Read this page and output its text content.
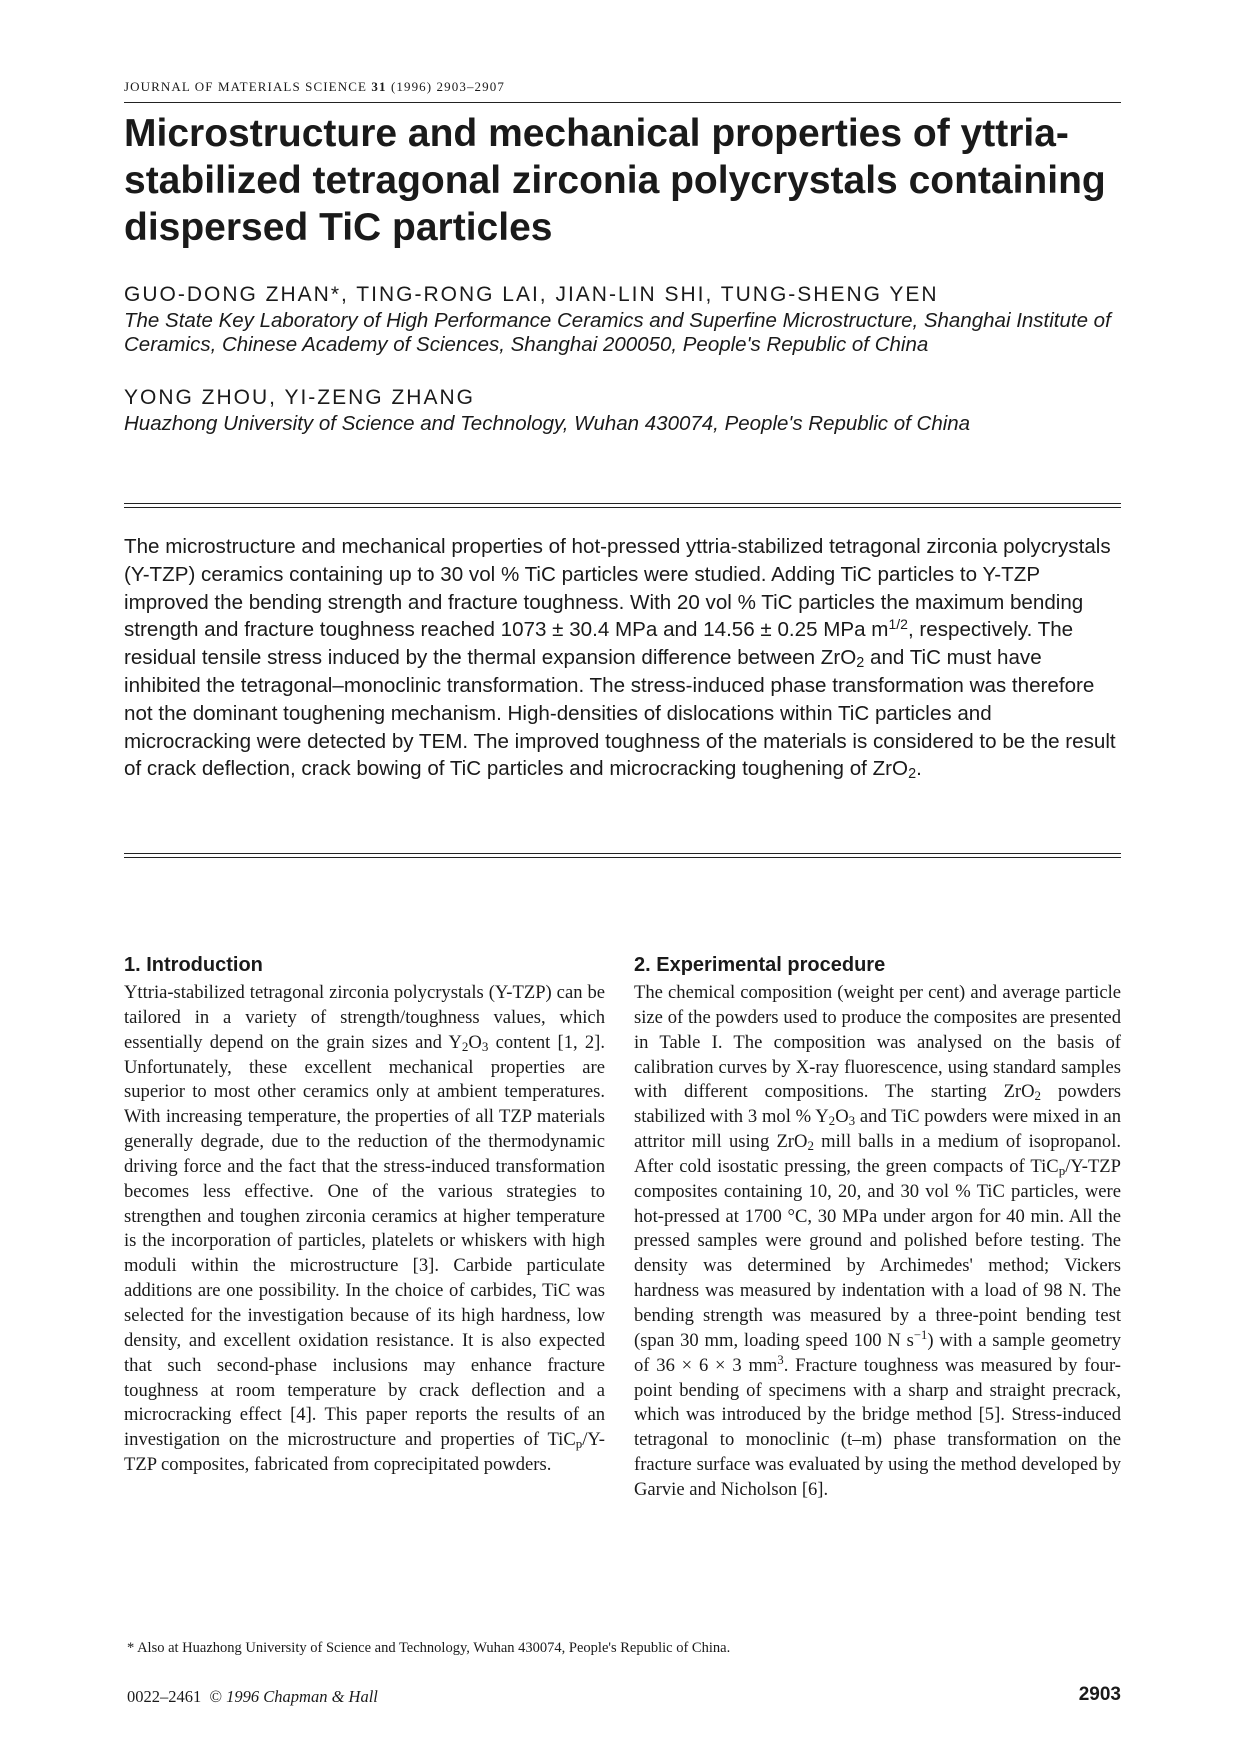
JOURNAL OF MATERIALS SCIENCE 31 (1996) 2903–2907
Microstructure and mechanical properties of yttria-stabilized tetragonal zirconia polycrystals containing dispersed TiC particles

GUO-DONG ZHAN*, TING-RONG LAI, JIAN-LIN SHI, TUNG-SHENG YEN

The State Key Laboratory of High Performance Ceramics and Superfine Microstructure, Shanghai Institute of Ceramics, Chinese Academy of Sciences, Shanghai 200050, People's Republic of China

YONG ZHOU, YI-ZENG ZHANG

Huazhong University of Science and Technology, Wuhan 430074, People's Republic of China

The microstructure and mechanical properties of hot-pressed yttria-stabilized tetragonal zirconia polycrystals (Y-TZP) ceramics containing up to 30 vol % TiC particles were studied. Adding TiC particles to Y-TZP improved the bending strength and fracture toughness. With 20 vol % TiC particles the maximum bending strength and fracture toughness reached 1073 ± 30.4 MPa and 14.56 ± 0.25 MPa $m^{1/2}$, respectively. The residual tensile stress induced by the thermal expansion difference between ZrO$_2$ and TiC must have inhibited the tetragonal–monoclinic transformation. The stress-induced phase transformation was therefore not the dominant toughening mechanism. High-densities of dislocations within TiC particles and microcracking were detected by TEM. The improved toughness of the materials is considered to be the result of crack deflection, crack bowing of TiC particles and microcracking toughening of ZrO$_2$.

1. Introduction

Yttria-stabilized tetragonal zirconia polycrystals (Y-TZP) can be tailored in a variety of strength/toughness values, which essentially depend on the grain sizes and $Y_2O_3$ content [1, 2]. Unfortunately, these excellent mechanical properties are superior to most other ceramics only at ambient temperatures. With increasing temperature, the properties of all TZP materials generally degrade, due to the reduction of the thermodynamic driving force and the fact that the stress-induced transformation becomes less effective. One of the various strategies to strengthen and toughen zirconia ceramics at higher temperature is the incorporation of particles, platelets or whiskers with high moduli within the microstructure [3]. Carbide particulate additions are one possibility. In the choice of carbides, TiC was selected for the investigation because of its high hardness, low density, and excellent oxidation resistance. It is also expected that such second-phase inclusions may enhance fracture toughness at room temperature by crack deflection and a microcracking effect [4]. This paper reports the results of an investigation on the microstructure and properties of TiC$_p$/Y-TZP composites, fabricated from coprecipitated powders.

2. Experimental procedure

The chemical composition (weight per cent) and average particle size of the powders used to produce the composites are presented in Table I. The composition was analysed on the basis of calibration curves by X-ray fluorescence, using standard samples with different compositions. The starting ZrO$_2$ powders stabilized with 3 mol % $Y_2O_3$ and TiC powders were mixed in an attritor mill using ZrO$_2$ mill balls in a medium of isopropanol. After cold isostatic pressing, the green compacts of TiC$_p$/Y-TZP composites containing 10, 20, and 30 vol % TiC particles, were hot-pressed at 1700 °C, 30 MPa under argon for 40 min. All the pressed samples were ground and polished before testing. The density was determined by Archimedes' method; Vickers hardness was measured by indentation with a load of 98 N. The bending strength was measured by a three-point bending test (span 30 mm, loading speed 100 N $s^{-1}$) with a sample geometry of 36 × 6 × 3 $mm^3$. Fracture toughness was measured by four-point bending of specimens with a sharp and straight precrack, which was introduced by the bridge method [5]. Stress-induced tetragonal to monoclinic (t–m) phase transformation on the fracture surface was evaluated by using the method developed by Garvie and Nicholson [6].

* Also at Huazhong University of Science and Technology, Wuhan 430074, People's Republic of China.

0022–2461 © 1996 Chapman & Hall	2903
